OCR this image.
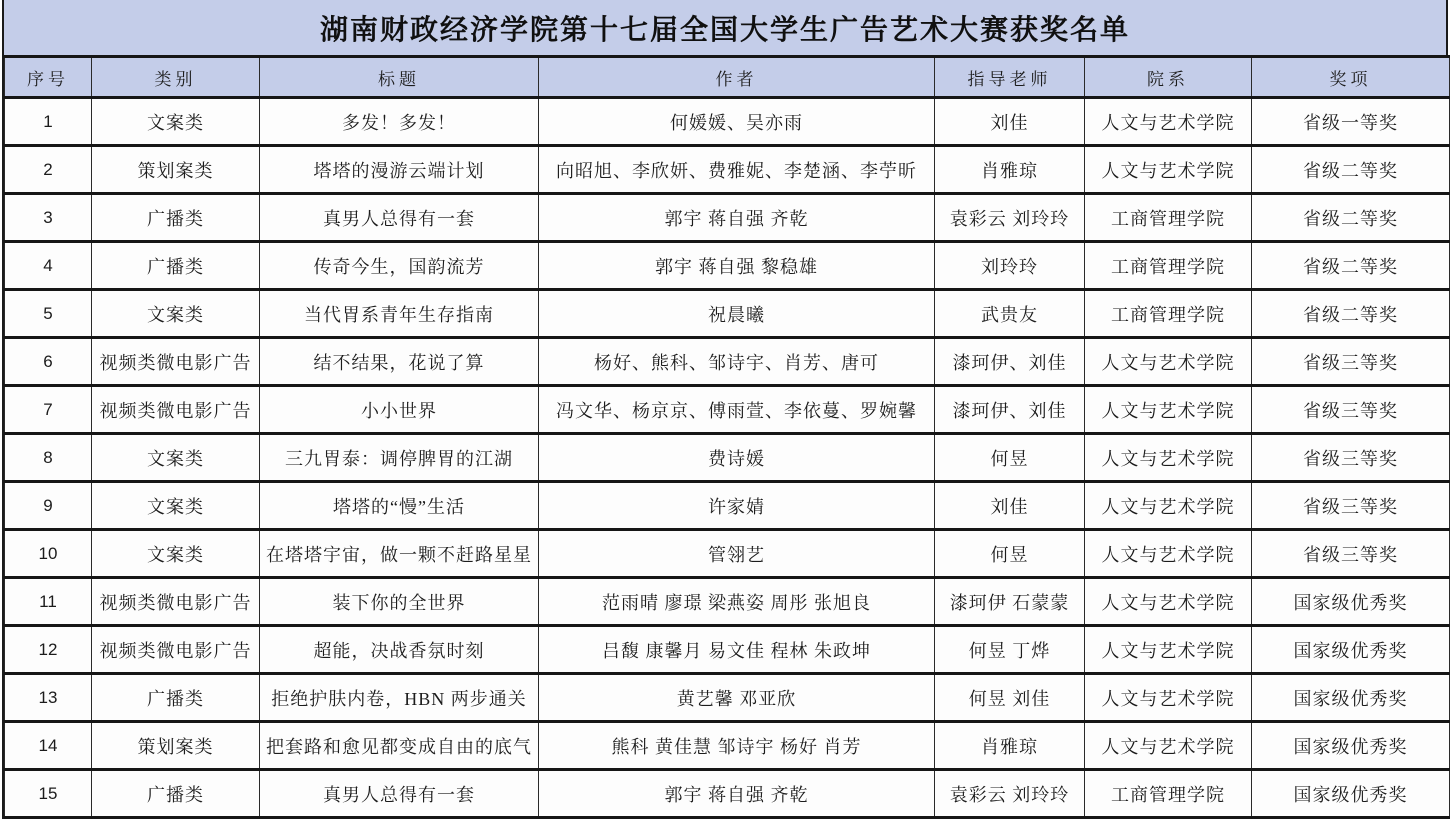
湖南财政经济学院第十七届全国大学生广告艺术大赛获奖名单
序号	类别	标题	作者	指导老师	院系	奖项
1	文案类	多发！多发！	何媛媛、吴亦雨	刘佳	人文与艺术学院	省级一等奖
2	策划案类	塔塔的漫游云端计划	向昭旭、李欣妍、费雅妮、李楚涵、李苧昕	肖雅琼	人文与艺术学院	省级二等奖
3	广播类	真男人总得有一套	郭宇 蒋自强 齐乾	袁彩云 刘玲玲	工商管理学院	省级二等奖
4	广播类	传奇今生，国韵流芳	郭宇 蒋自强 黎稳雄	刘玲玲	工商管理学院	省级二等奖
5	文案类	当代胃系青年生存指南	祝晨曦	武贵友	工商管理学院	省级二等奖
6	视频类微电影广告	结不结果，花说了算	杨好、熊科、邹诗宇、肖芳、唐可	漆珂伊、刘佳	人文与艺术学院	省级三等奖
7	视频类微电影广告	小小世界	冯文华、杨京京、傅雨萱、李依蔓、罗婉馨	漆珂伊、刘佳	人文与艺术学院	省级三等奖
8	文案类	三九胃泰：调停脾胃的江湖	费诗媛	何昱	人文与艺术学院	省级三等奖
9	文案类	塔塔的“慢”生活	许家婧	刘佳	人文与艺术学院	省级三等奖
10	文案类	在塔塔宇宙，做一颗不赶路星星	管翎艺	何昱	人文与艺术学院	省级三等奖
11	视频类微电影广告	装下你的全世界	范雨晴 廖璟 梁燕姿 周彤 张旭良	漆珂伊 石蒙蒙	人文与艺术学院	国家级优秀奖
12	视频类微电影广告	超能，决战香氛时刻	吕馥 康馨月 易文佳 程林 朱政坤	何昱 丁烨	人文与艺术学院	国家级优秀奖
13	广播类	拒绝护肤内卷，HBN 两步通关	黄艺馨 邓亚欣	何昱 刘佳	人文与艺术学院	国家级优秀奖
14	策划案类	把套路和愈见都变成自由的底气	熊科 黄佳慧 邹诗宇 杨好 肖芳	肖雅琼	人文与艺术学院	国家级优秀奖
15	广播类	真男人总得有一套	郭宇 蒋自强 齐乾	袁彩云 刘玲玲	工商管理学院	国家级优秀奖
